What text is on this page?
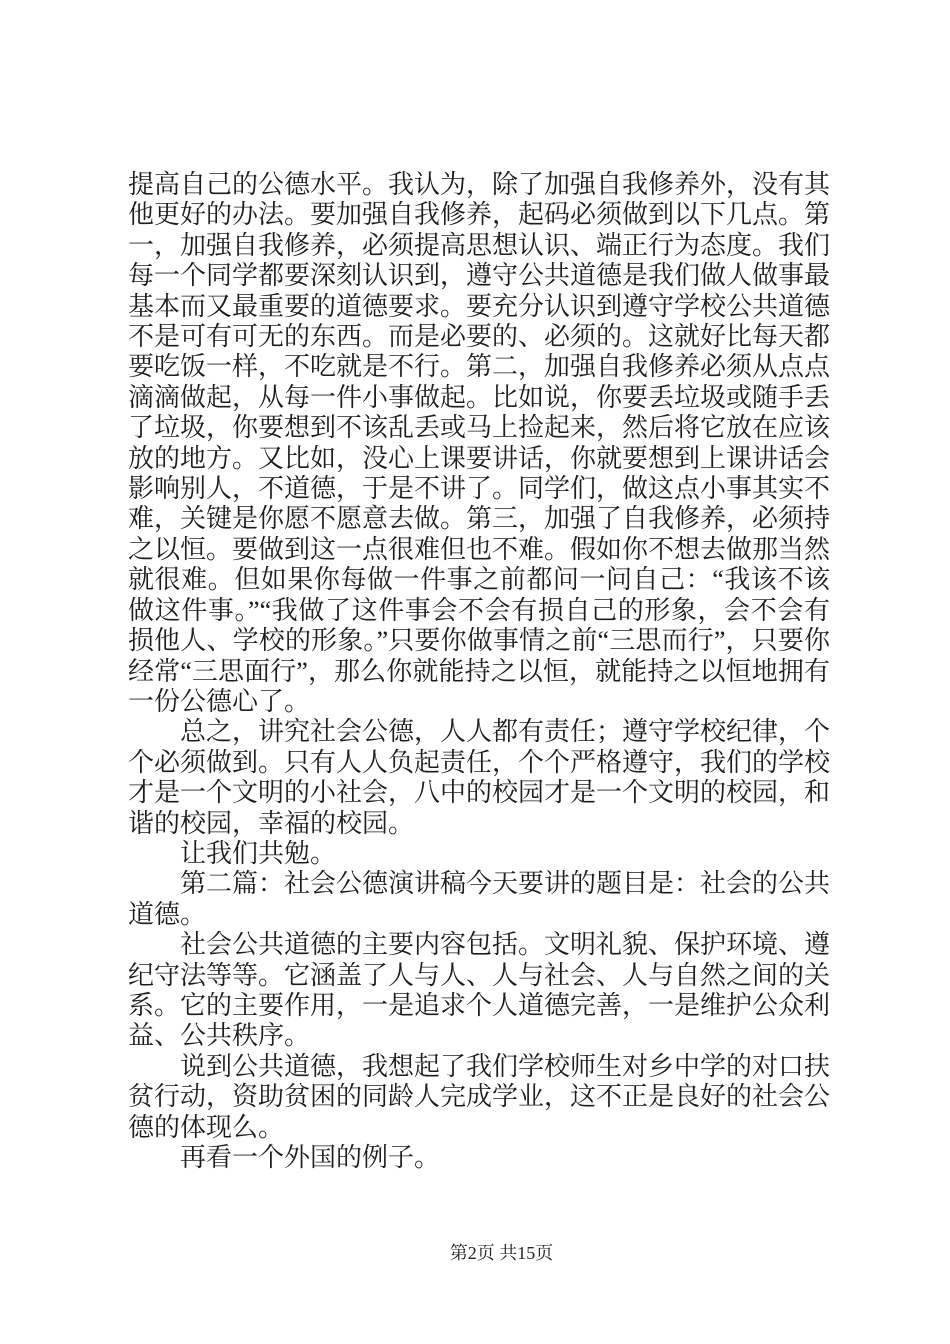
提高自己的公德水平。我认为，除了加强自我修养外，没有其他更好的办法。要加强自我修养，起码必须做到以下几点。第一，加强自我修养，必须提高思想认识、端正行为态度。我们每一个同学都要深刻认识到，遵守公共道德是我们做人做事最基本而又最重要的道德要求。要充分认识到遵守学校公共道德不是可有可无的东西。而是必要的、必须的。这就好比每天都要吃饭一样，不吃就是不行。第二，加强自我修养必须从点点滴滴做起，从每一件小事做起。比如说，你要丢垃圾或随手丢了垃圾，你要想到不该乱丢或马上捡起来，然后将它放在应该放的地方。又比如，没心上课要讲话，你就要想到上课讲话会影响别人，不道德，于是不讲了。同学们，做这点小事其实不难，关键是你愿不愿意去做。第三，加强了自我修养，必须持之以恒。要做到这一点很难但也不难。假如你不想去做那当然就很难。但如果你每做一件事之前都问一问自己：“我该不该做这件事。”“我做了这件事会不会有损自己的形象，会不会有损他人、学校的形象。”只要你做事情之前“三思而行”，只要你经常“三思面行”，那么你就能持之以恒，就能持之以恒地拥有一份公德心了。

总之，讲究社会公德，人人都有责任；遵守学校纪律，个个必须做到。只有人人负起责任，个个严格遵守，我们的学校才是一个文明的小社会，八中的校园才是一个文明的校园，和谐的校园，幸福的校园。

让我们共勉。

第二篇：社会公德演讲稿今天要讲的题目是：社会的公共道德。

社会公共道德的主要内容包括。文明礼貌、保护环境、遵纪守法等等。它涵盖了人与人、人与社会、人与自然之间的关系。它的主要作用，一是追求个人道德完善，一是维护公众利益、公共秩序。

说到公共道德，我想起了我们学校师生对乡中学的对口扶贫行动，资助贫困的同龄人完成学业，这不正是良好的社会公德的体现么。

再看一个外国的例子。

第2页 共15页
